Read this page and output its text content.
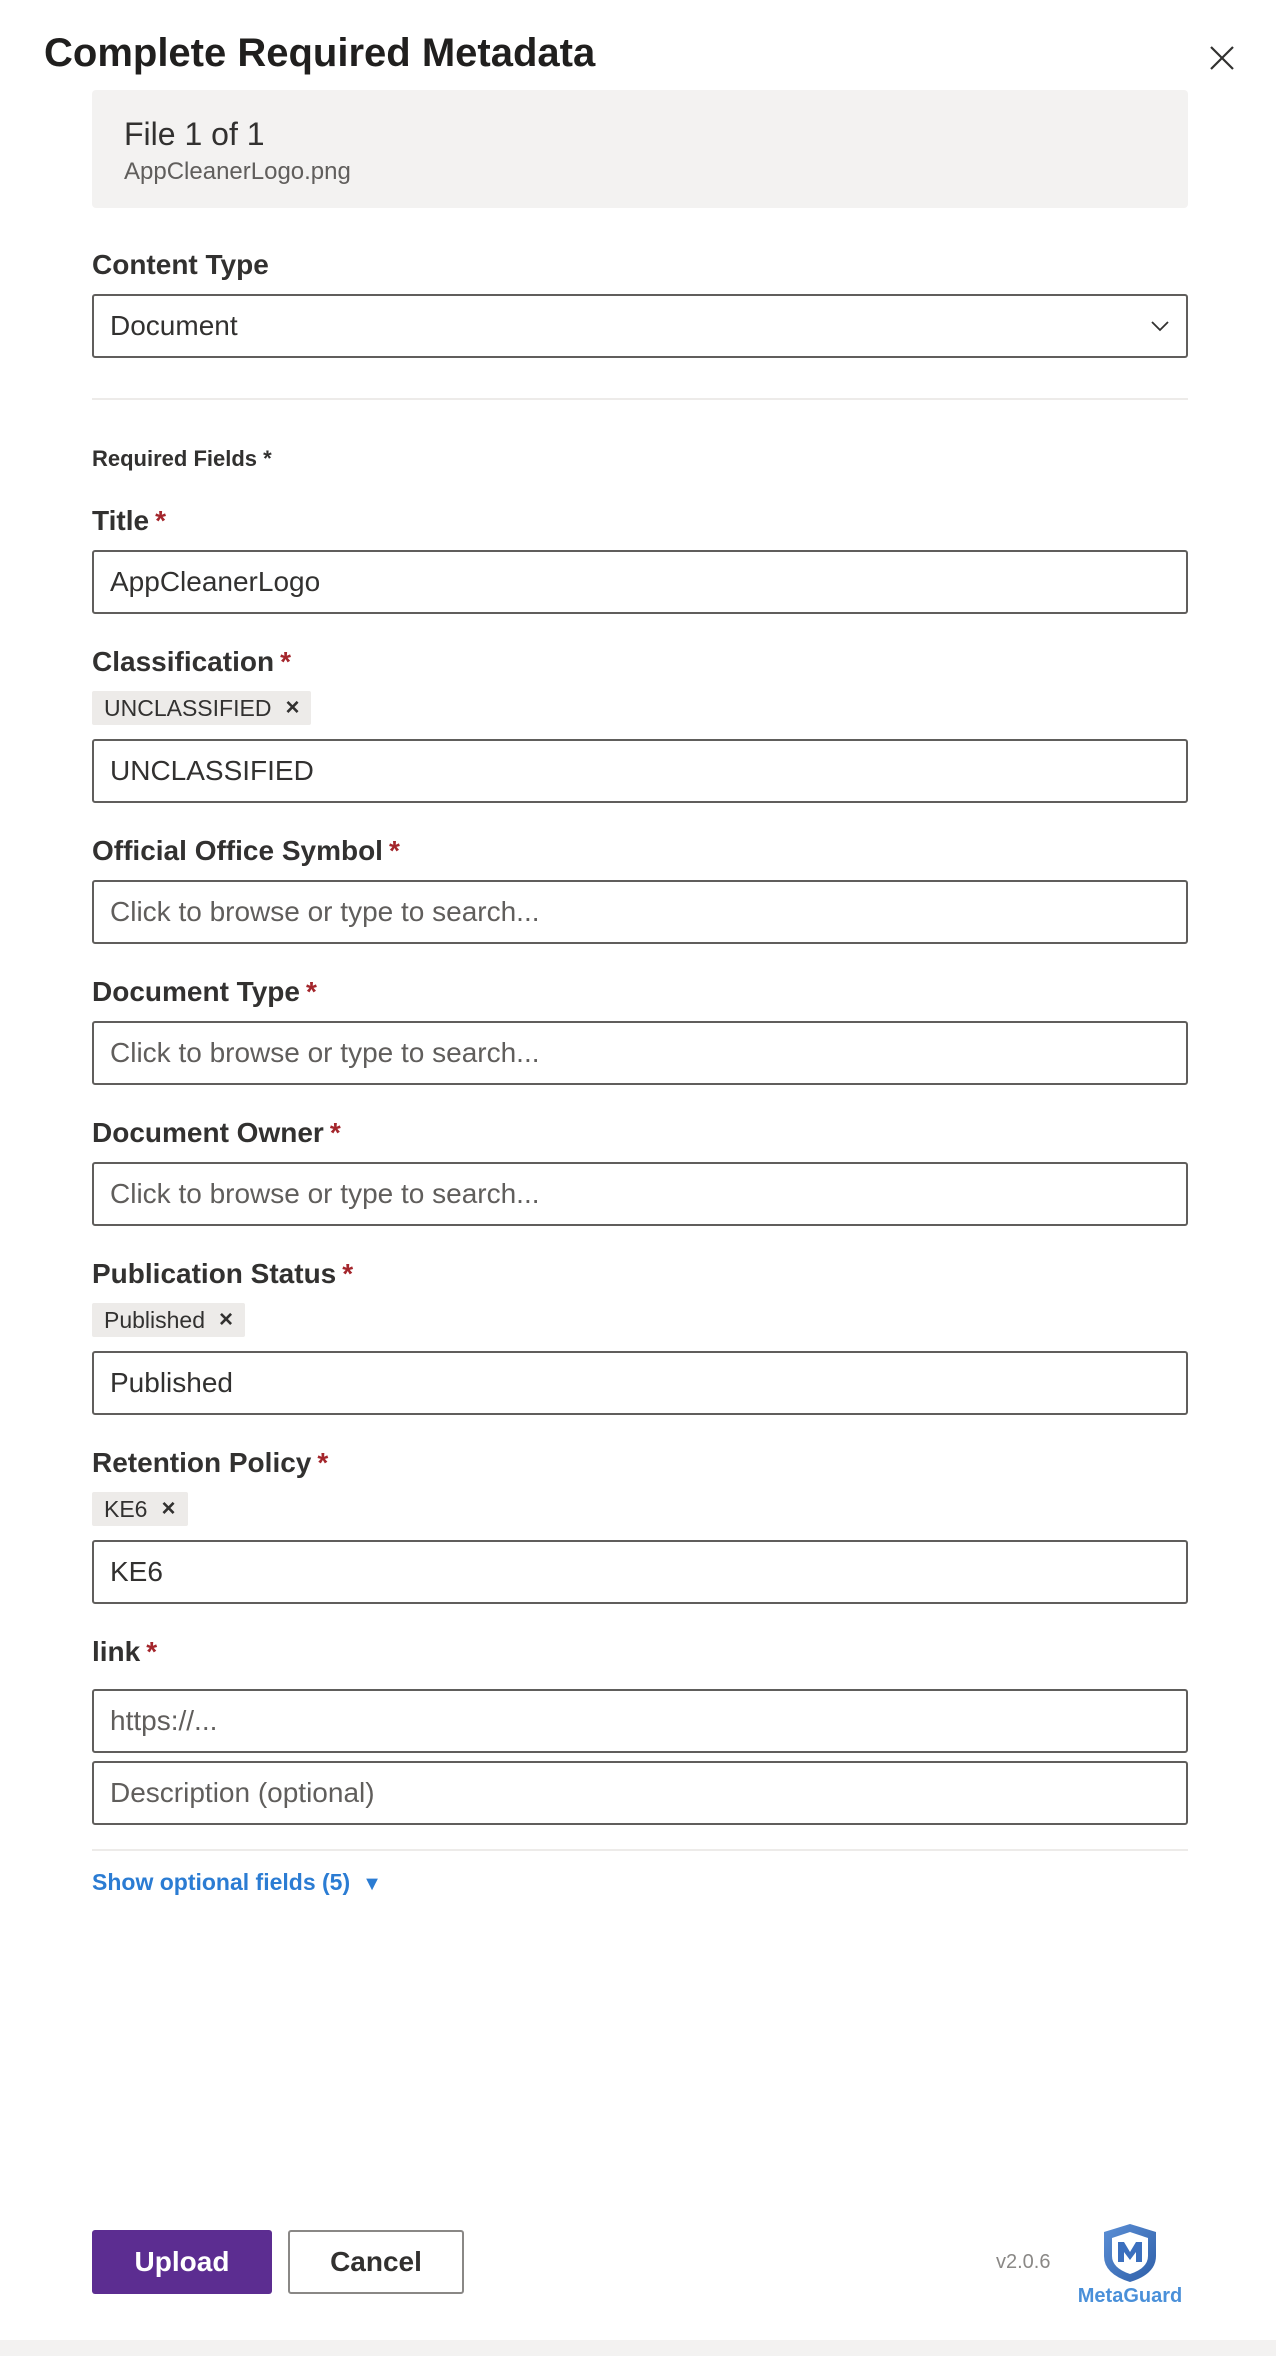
Complete Required Metadata
File 1 of 1
AppCleanerLogo.png
Content Type
Document
Required Fields *
Title *
AppCleanerLogo
Classification *
UNCLASSIFIED ×
UNCLASSIFIED
Official Office Symbol *
Click to browse or type to search...
Document Type *
Click to browse or type to search...
Document Owner *
Click to browse or type to search...
Publication Status *
Published ×
Published
Retention Policy *
KE6 ×
KE6
link *
https://...
Description (optional)
Show optional fields (5) ▼
Upload	Cancel	v2.0.6
MetaGuard
